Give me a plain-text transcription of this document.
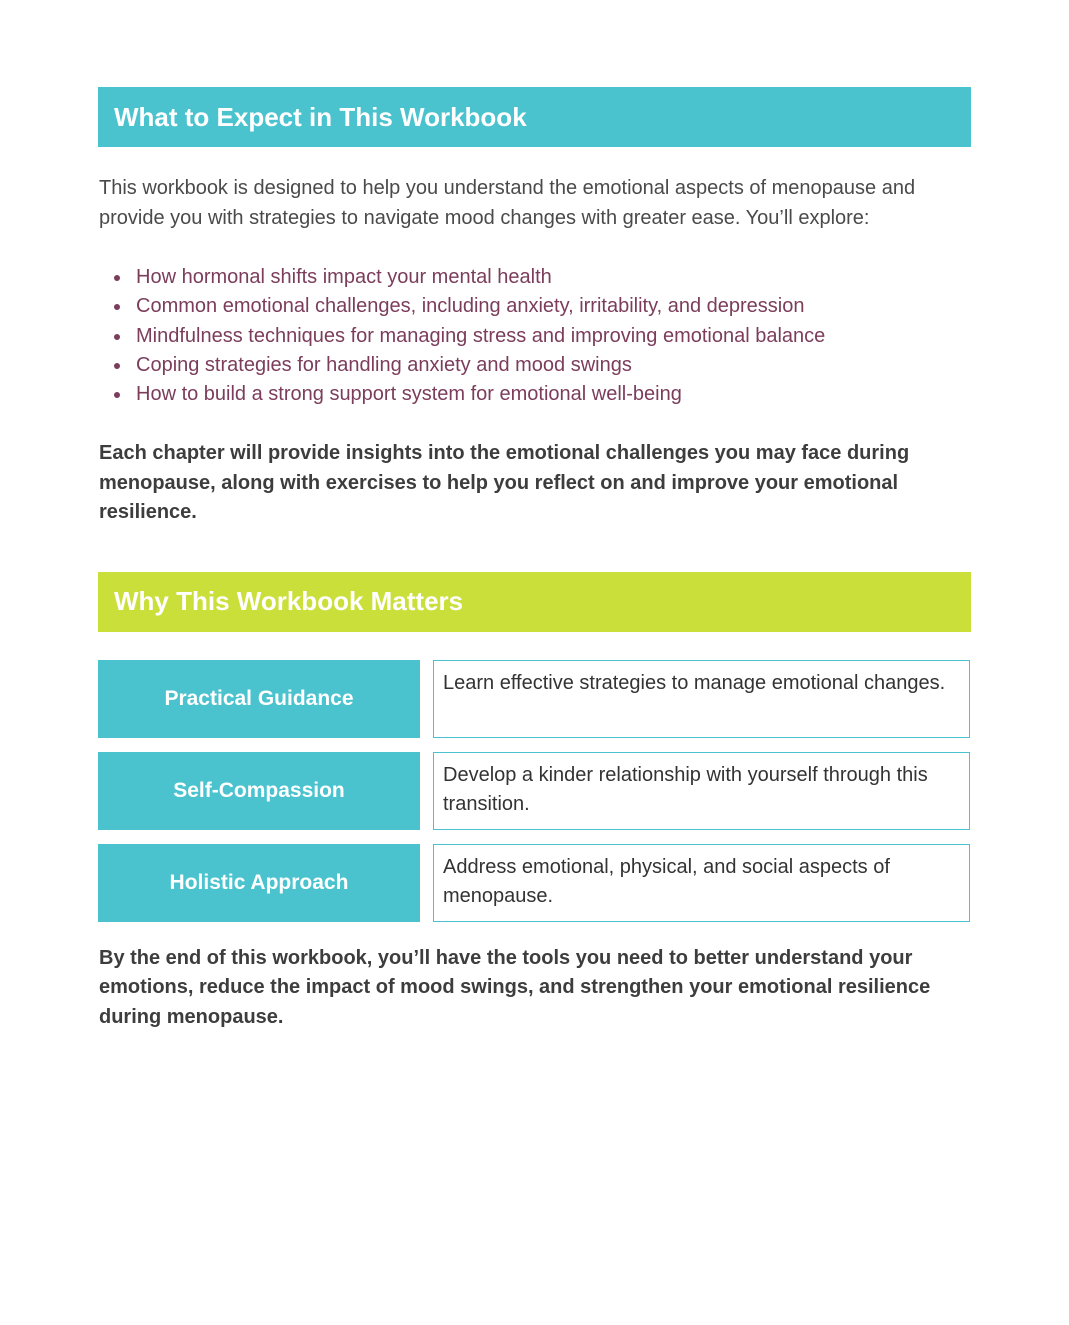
What to Expect in This Workbook

This workbook is designed to help you understand the emotional aspects of menopause and provide you with strategies to navigate mood changes with greater ease. You’ll explore:

How hormonal shifts impact your mental health
Common emotional challenges, including anxiety, irritability, and depression
Mindfulness techniques for managing stress and improving emotional balance
Coping strategies for handling anxiety and mood swings
How to build a strong support system for emotional well-being

Each chapter will provide insights into the emotional challenges you may face during menopause, along with exercises to help you reflect on and improve your emotional resilience.

Why This Workbook Matters
Practical Guidance
Learn effective strategies to manage emotional changes.
Self-Compassion
Develop a kinder relationship with yourself through this transition.
Holistic Approach
Address emotional, physical, and social aspects of menopause.

By the end of this workbook, you’ll have the tools you need to better understand your emotions, reduce the impact of mood swings, and strengthen your emotional resilience during menopause.
